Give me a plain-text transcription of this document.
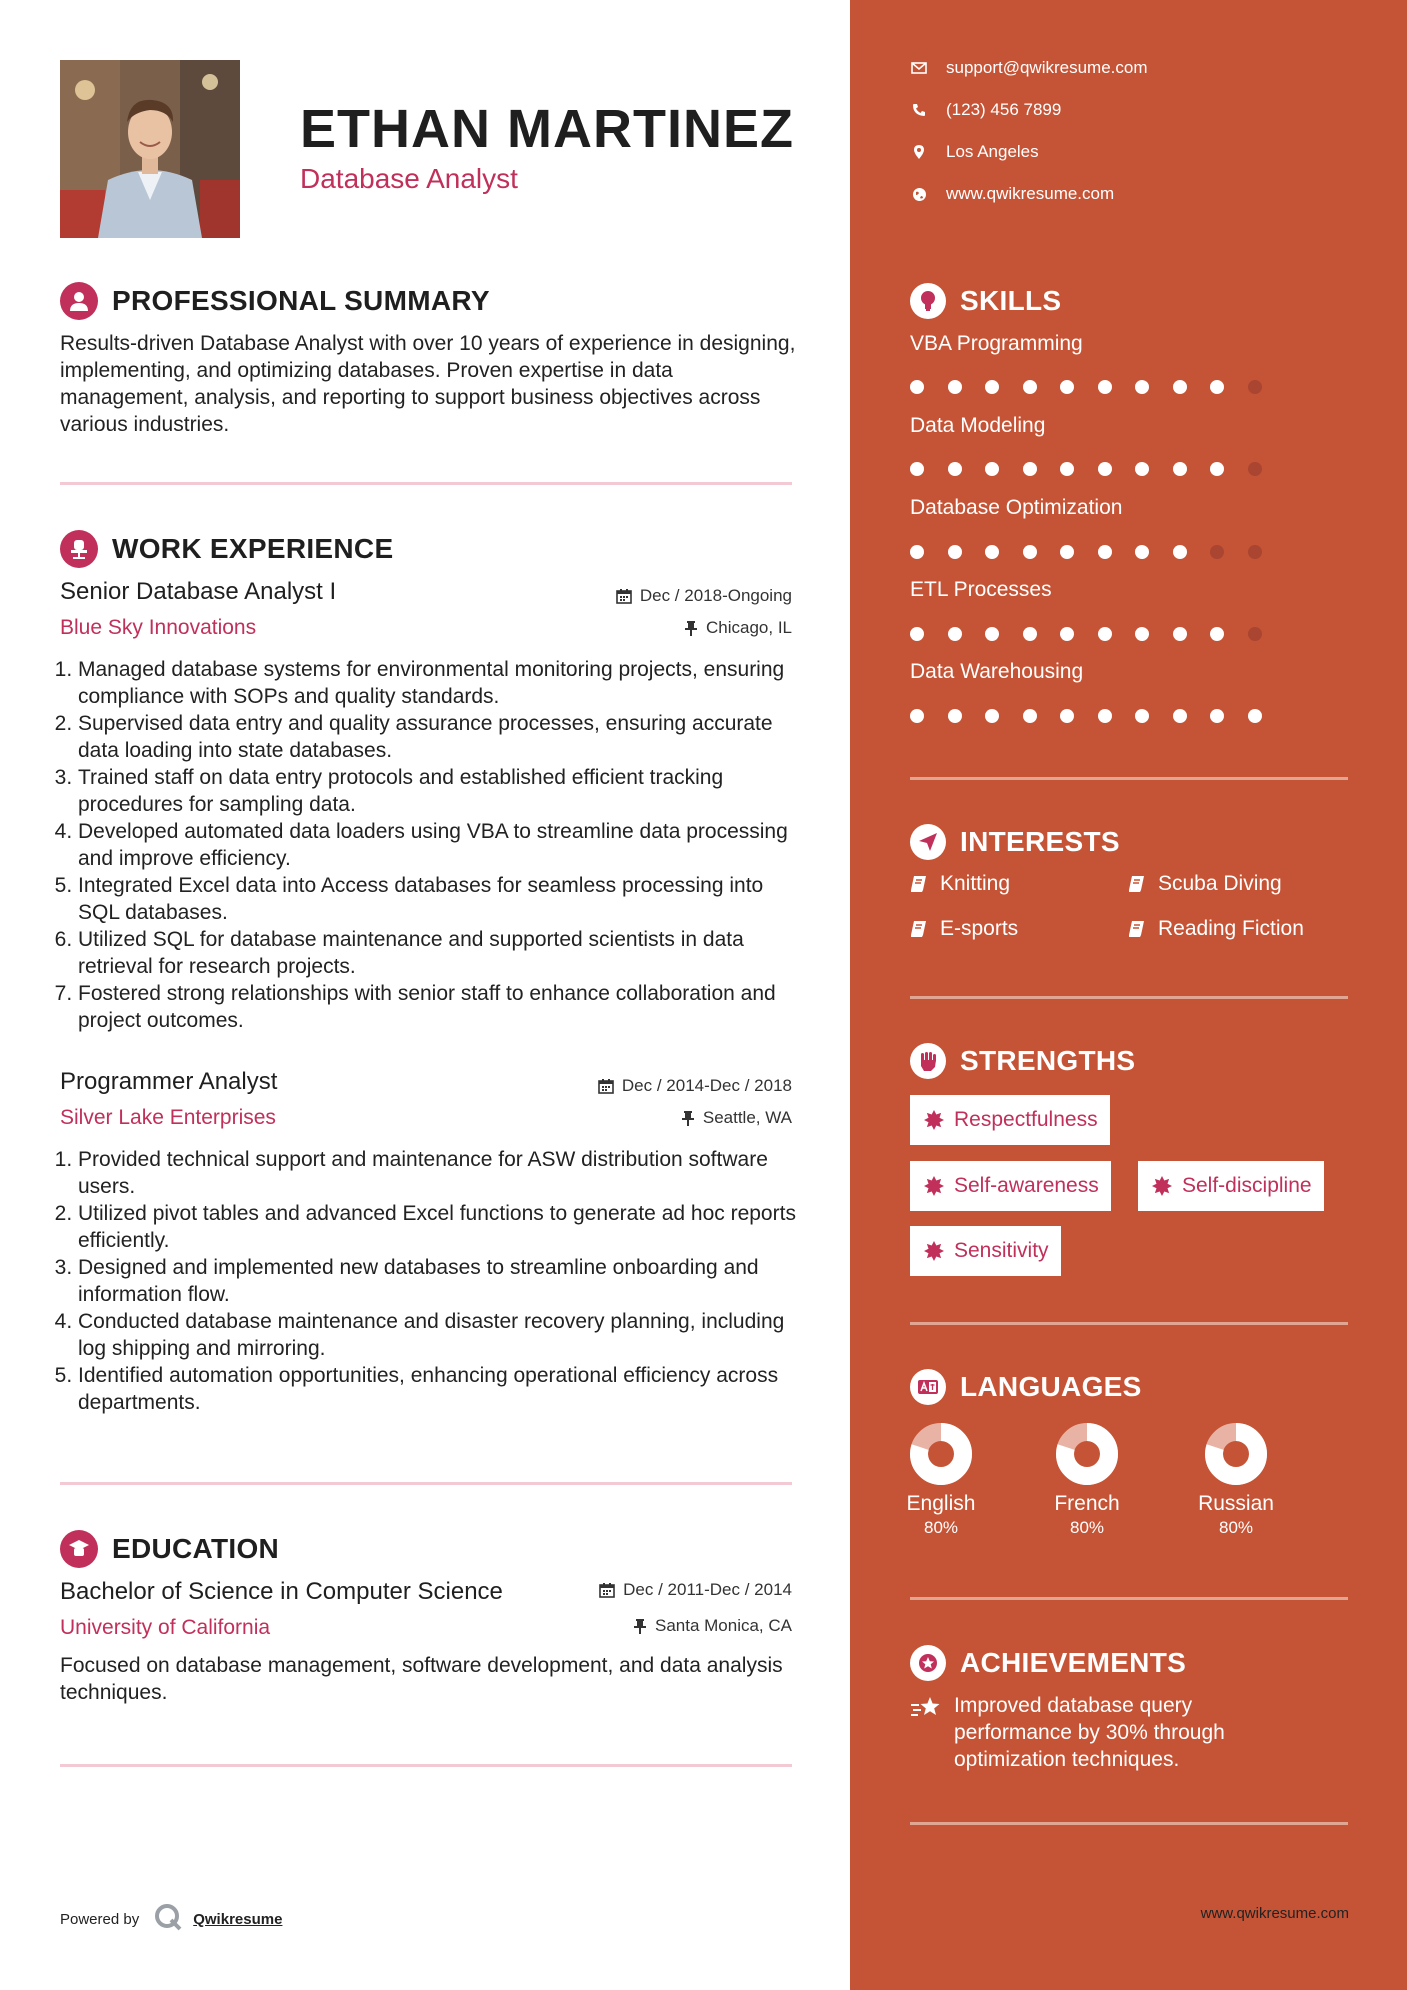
ETHAN MARTINEZ
Database Analyst
PROFESSIONAL SUMMARY
Results-driven Database Analyst with over 10 years of experience in designing, implementing, and optimizing databases. Proven expertise in data management, analysis, and reporting to support business objectives across various industries.
WORK EXPERIENCE
Senior Database Analyst I
Blue Sky Innovations
Dec / 2018-Ongoing
Chicago, IL
1. Managed database systems for environmental monitoring projects, ensuring compliance with SOPs and quality standards.
2. Supervised data entry and quality assurance processes, ensuring accurate data loading into state databases.
3. Trained staff on data entry protocols and established efficient tracking procedures for sampling data.
4. Developed automated data loaders using VBA to streamline data processing and improve efficiency.
5. Integrated Excel data into Access databases for seamless processing into SQL databases.
6. Utilized SQL for database maintenance and supported scientists in data retrieval for research projects.
7. Fostered strong relationships with senior staff to enhance collaboration and project outcomes.
Programmer Analyst
Silver Lake Enterprises
Dec / 2014-Dec / 2018
Seattle, WA
1. Provided technical support and maintenance for ASW distribution software users.
2. Utilized pivot tables and advanced Excel functions to generate ad hoc reports efficiently.
3. Designed and implemented new databases to streamline onboarding and information flow.
4. Conducted database maintenance and disaster recovery planning, including log shipping and mirroring.
5. Identified automation opportunities, enhancing operational efficiency across departments.
EDUCATION
Bachelor of Science in Computer Science
University of California
Dec / 2011-Dec / 2014
Santa Monica, CA
Focused on database management, software development, and data analysis techniques.
Powered by	Qwikresume
support@qwikresume.com
(123) 456 7899
Los Angeles
www.qwikresume.com
SKILLS
VBA Programming
Data Modeling
Database Optimization
ETL Processes
Data Warehousing
INTERESTS
Knitting	Scuba Diving
E-sports	Reading Fiction
STRENGTHS
Respectfulness
Self-awareness	Self-discipline
Sensitivity
LANGUAGES
English
80%
French
80%
Russian
80%
ACHIEVEMENTS
Improved database query performance by 30% through optimization techniques.
www.qwikresume.com
